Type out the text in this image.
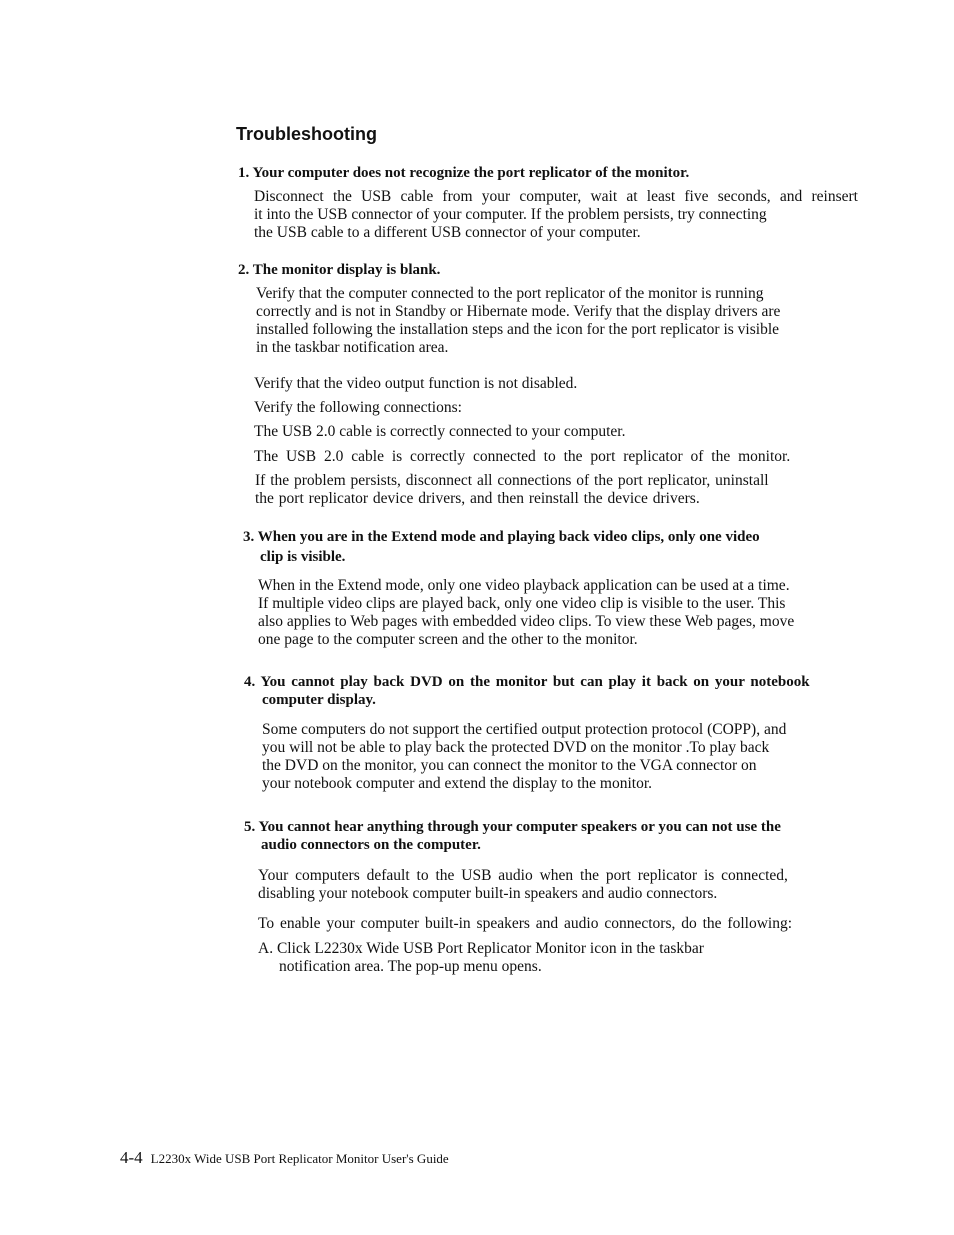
Troubleshooting

1. Your computer does not recognize the port replicator of the monitor.

Disconnect the USB cable from your computer, wait at least five seconds, and reinsert
it into the USB connector of your computer. If the problem persists, try connecting
the USB cable to a different USB connector of your computer.

2. The monitor display is blank.

Verify that the computer connected to the port replicator of the monitor is running
correctly and is not in Standby or Hibernate mode. Verify that the display drivers are
installed following the installation steps and the icon for the port replicator is visible
in the taskbar notification area.

Verify that the video output function is not disabled.

Verify the following connections:

The USB 2.0 cable is correctly connected to your computer.

The USB 2.0 cable is correctly connected to the port replicator of the monitor.

If the problem persists, disconnect all connections of the port replicator, uninstall
the port replicator device drivers, and then reinstall the device drivers.

3. When you are in the Extend mode and playing back video clips, only one video
clip is visible.

When in the Extend mode, only one video playback application can be used at a time.
If multiple video clips are played back, only one video clip is visible to the user. This
also applies to Web pages with embedded video clips. To view these Web pages, move
one page to the computer screen and the other to the monitor.

4. You cannot play back DVD on the monitor but can play it back on your notebook
computer display.

Some computers do not support the certified output protection protocol (COPP), and
you will not be able to play back the protected DVD on the monitor .To play back
the DVD on the monitor, you can connect the monitor to the VGA connector on
your notebook computer and extend the display to the monitor.

5. You cannot hear anything through your computer speakers or you can not use the
audio connectors on the computer.

Your computers default to the USB audio when the port replicator is connected,
disabling your notebook computer built-in speakers and audio connectors.

To enable your computer built-in speakers and audio connectors, do the following:

A. Click L2230x Wide USB Port Replicator Monitor icon in the taskbar
notification area. The pop-up menu opens.

4-4 L2230x Wide USB Port Replicator Monitor User's Guide
